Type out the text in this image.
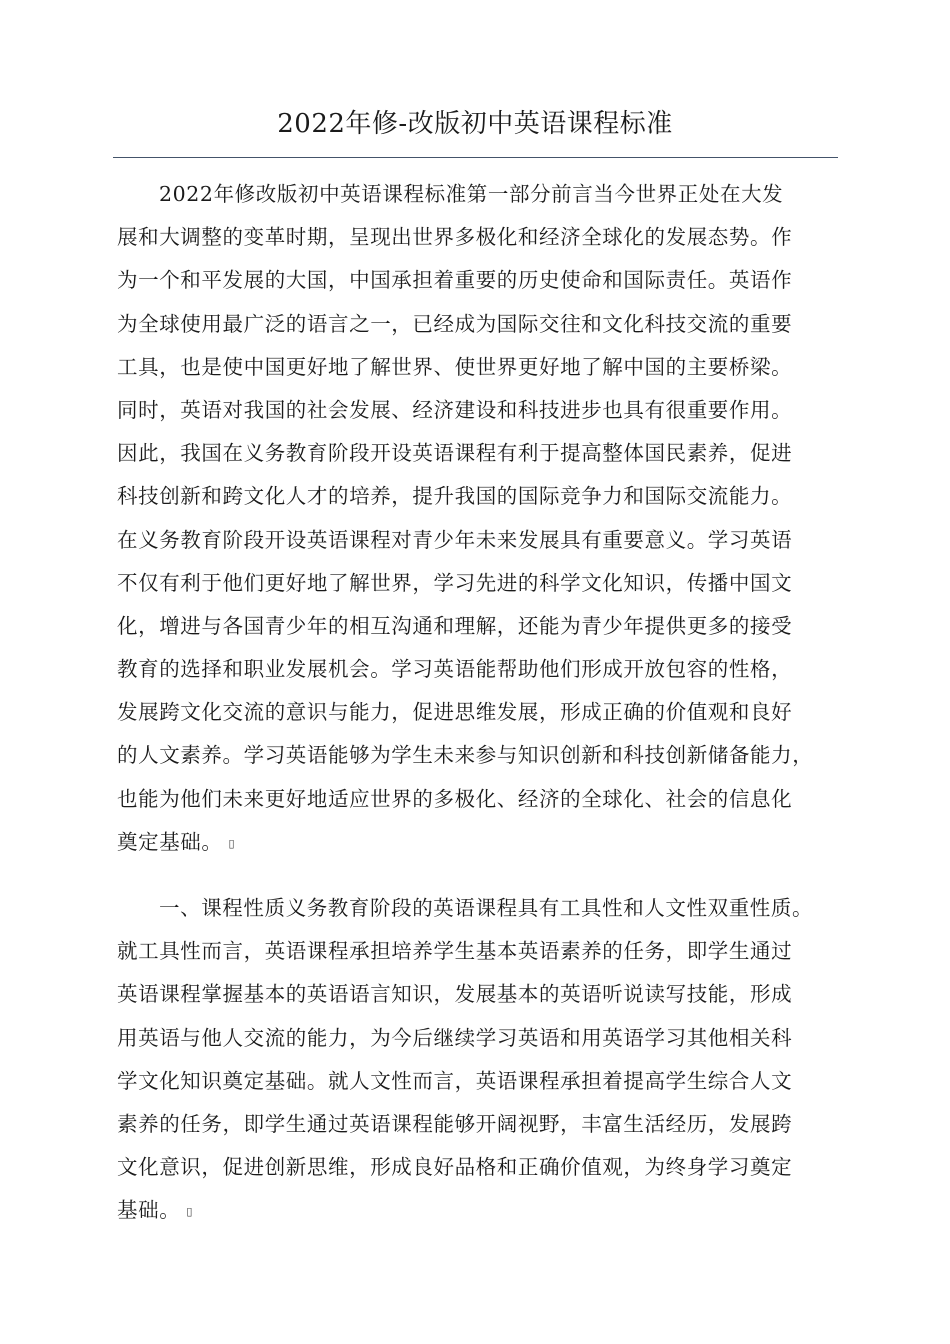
2022年修-改版初中英语课程标准
2022年修改版初中英语课程标准第一部分前言当今世界正处在大发
展和大调整的变革时期，呈现出世界多极化和经济全球化的发展态势。作
为一个和平发展的大国，中国承担着重要的历史使命和国际责任。英语作
为全球使用最广泛的语言之一，已经成为国际交往和文化科技交流的重要
工具，也是使中国更好地了解世界、使世界更好地了解中国的主要桥梁。
同时，英语对我国的社会发展、经济建设和科技进步也具有很重要作用。
因此，我国在义务教育阶段开设英语课程有利于提高整体国民素养，促进
科技创新和跨文化人才的培养，提升我国的国际竞争力和国际交流能力。
在义务教育阶段开设英语课程对青少年未来发展具有重要意义。学习英语
不仅有利于他们更好地了解世界，学习先进的科学文化知识，传播中国文
化，增进与各国青少年的相互沟通和理解，还能为青少年提供更多的接受
教育的选择和职业发展机会。学习英语能帮助他们形成开放包容的性格，
发展跨文化交流的意识与能力，促进思维发展，形成正确的价值观和良好
的人文素养。学习英语能够为学生未来参与知识创新和科技创新储备能力，
也能为他们未来更好地适应世界的多极化、经济的全球化、社会的信息化
奠定基础。 ▯
一、课程性质义务教育阶段的英语课程具有工具性和人文性双重性质。
就工具性而言，英语课程承担培养学生基本英语素养的任务，即学生通过
英语课程掌握基本的英语语言知识，发展基本的英语听说读写技能，形成
用英语与他人交流的能力，为今后继续学习英语和用英语学习其他相关科
学文化知识奠定基础。就人文性而言，英语课程承担着提高学生综合人文
素养的任务，即学生通过英语课程能够开阔视野，丰富生活经历，发展跨
文化意识，促进创新思维，形成良好品格和正确价值观，为终身学习奠定
基础。 ▯
